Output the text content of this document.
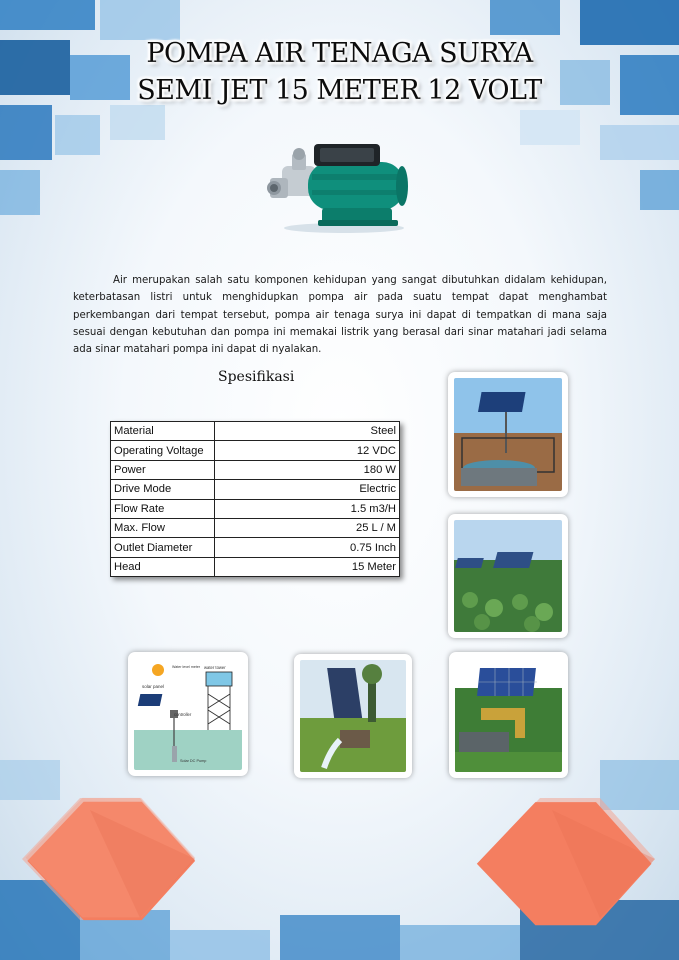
POMPA AIR TENAGA SURYA
SEMI JET 15 METER 12 VOLT

Air merupakan salah satu komponen kehidupan yang sangat dibutuhkan didalam kehidupan, keterbatasan listri untuk menghidupkan pompa air pada suatu tempat dapat menghambat perkembangan dari tempat tersebut, pompa air tenaga surya ini dapat di tempatkan di mana saja sesuai dengan kebutuhan dan pompa ini memakai listrik yang berasal dari sinar matahari jadi selama ada sinar matahari pompa ini dapat di nyalakan.

Spesifikasi
Material	Steel
Operating Voltage	12 VDC
Power	180 W
Drive Mode	Electric
Flow Rate	1.5 m3/H
Max. Flow	25 L / M
Outlet Diameter	0.75 Inch
Head	15 Meter
solar panel
water tower
Water level meter
controller
Solar DC Pump
